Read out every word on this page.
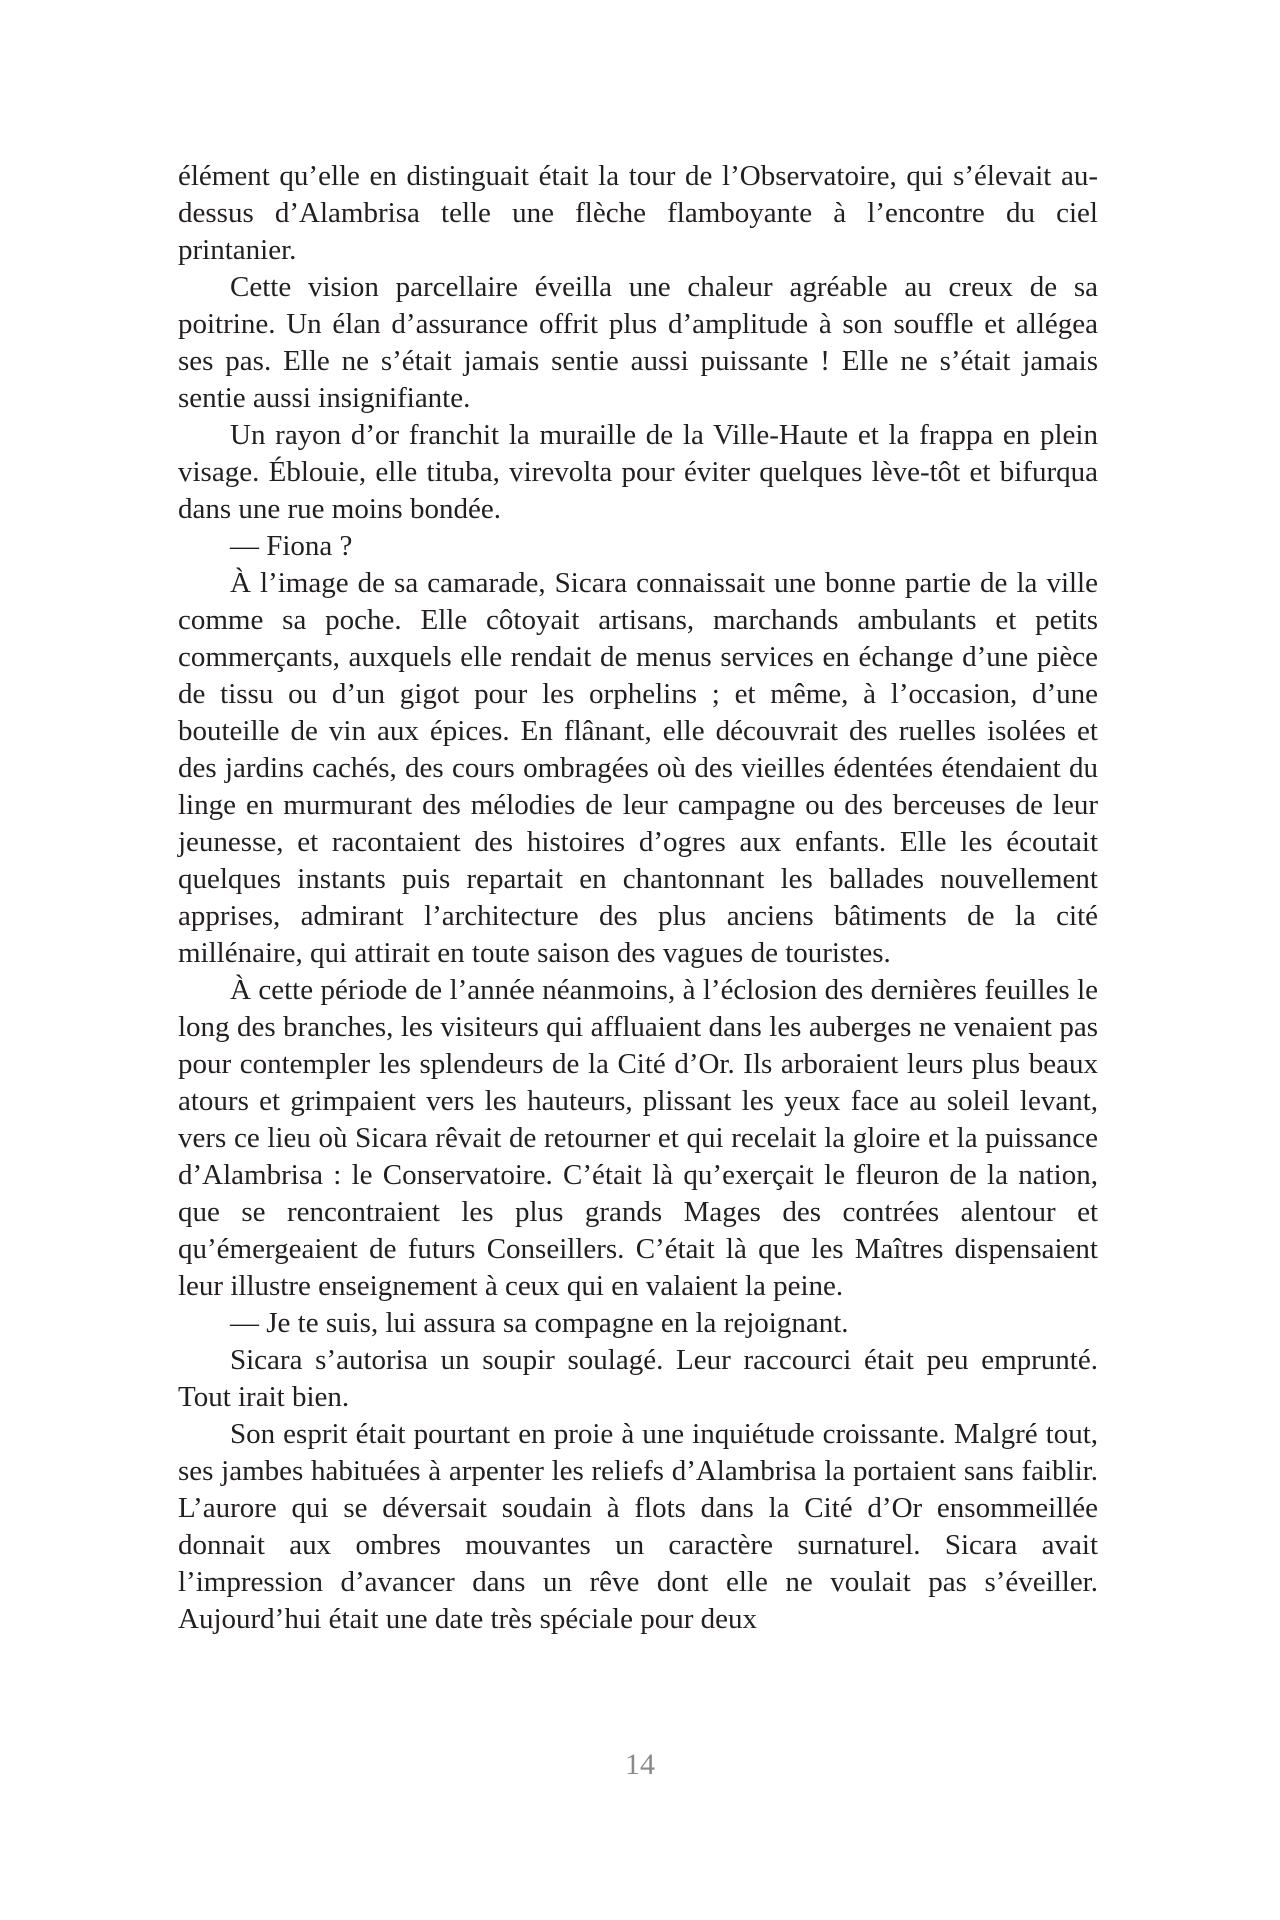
élément qu’elle en distinguait était la tour de l’Observatoire, qui s’élevait au-dessus d’Alambrisa telle une flèche flamboyante à l’encontre du ciel printanier.

Cette vision parcellaire éveilla une chaleur agréable au creux de sa poitrine. Un élan d’assurance offrit plus d’amplitude à son souffle et allégea ses pas. Elle ne s’était jamais sentie aussi puissante ! Elle ne s’était jamais sentie aussi insignifiante.

Un rayon d’or franchit la muraille de la Ville-Haute et la frappa en plein visage. Éblouie, elle tituba, virevolta pour éviter quelques lève-tôt et bifurqua dans une rue moins bondée.

— Fiona ?

À l’image de sa camarade, Sicara connaissait une bonne partie de la ville comme sa poche. Elle côtoyait artisans, marchands ambulants et petits commerçants, auxquels elle rendait de menus services en échange d’une pièce de tissu ou d’un gigot pour les orphelins ; et même, à l’occasion, d’une bouteille de vin aux épices. En flânant, elle découvrait des ruelles isolées et des jardins cachés, des cours ombragées où des vieilles édentées étendaient du linge en murmurant des mélodies de leur campagne ou des berceuses de leur jeunesse, et racontaient des histoires d’ogres aux enfants. Elle les écoutait quelques instants puis repartait en chantonnant les ballades nouvellement apprises, admirant l’architecture des plus anciens bâtiments de la cité millénaire, qui attirait en toute saison des vagues de touristes.

À cette période de l’année néanmoins, à l’éclosion des dernières feuilles le long des branches, les visiteurs qui affluaient dans les auberges ne venaient pas pour contempler les splendeurs de la Cité d’Or. Ils arboraient leurs plus beaux atours et grimpaient vers les hauteurs, plissant les yeux face au soleil levant, vers ce lieu où Sicara rêvait de retourner et qui recelait la gloire et la puissance d’Alambrisa : le Conservatoire. C’était là qu’exerçait le fleuron de la nation, que se rencontraient les plus grands Mages des contrées alentour et qu’émergeaient de futurs Conseillers. C’était là que les Maîtres dispensaient leur illustre enseignement à ceux qui en valaient la peine.

— Je te suis, lui assura sa compagne en la rejoignant.

Sicara s’autorisa un soupir soulagé. Leur raccourci était peu emprunté. Tout irait bien.

Son esprit était pourtant en proie à une inquiétude croissante. Malgré tout, ses jambes habituées à arpenter les reliefs d’Alambrisa la portaient sans faiblir. L’aurore qui se déversait soudain à flots dans la Cité d’Or ensommeillée donnait aux ombres mouvantes un caractère surnaturel. Sicara avait l’impression d’avancer dans un rêve dont elle ne voulait pas s’éveiller. Aujourd’hui était une date très spéciale pour deux

14
